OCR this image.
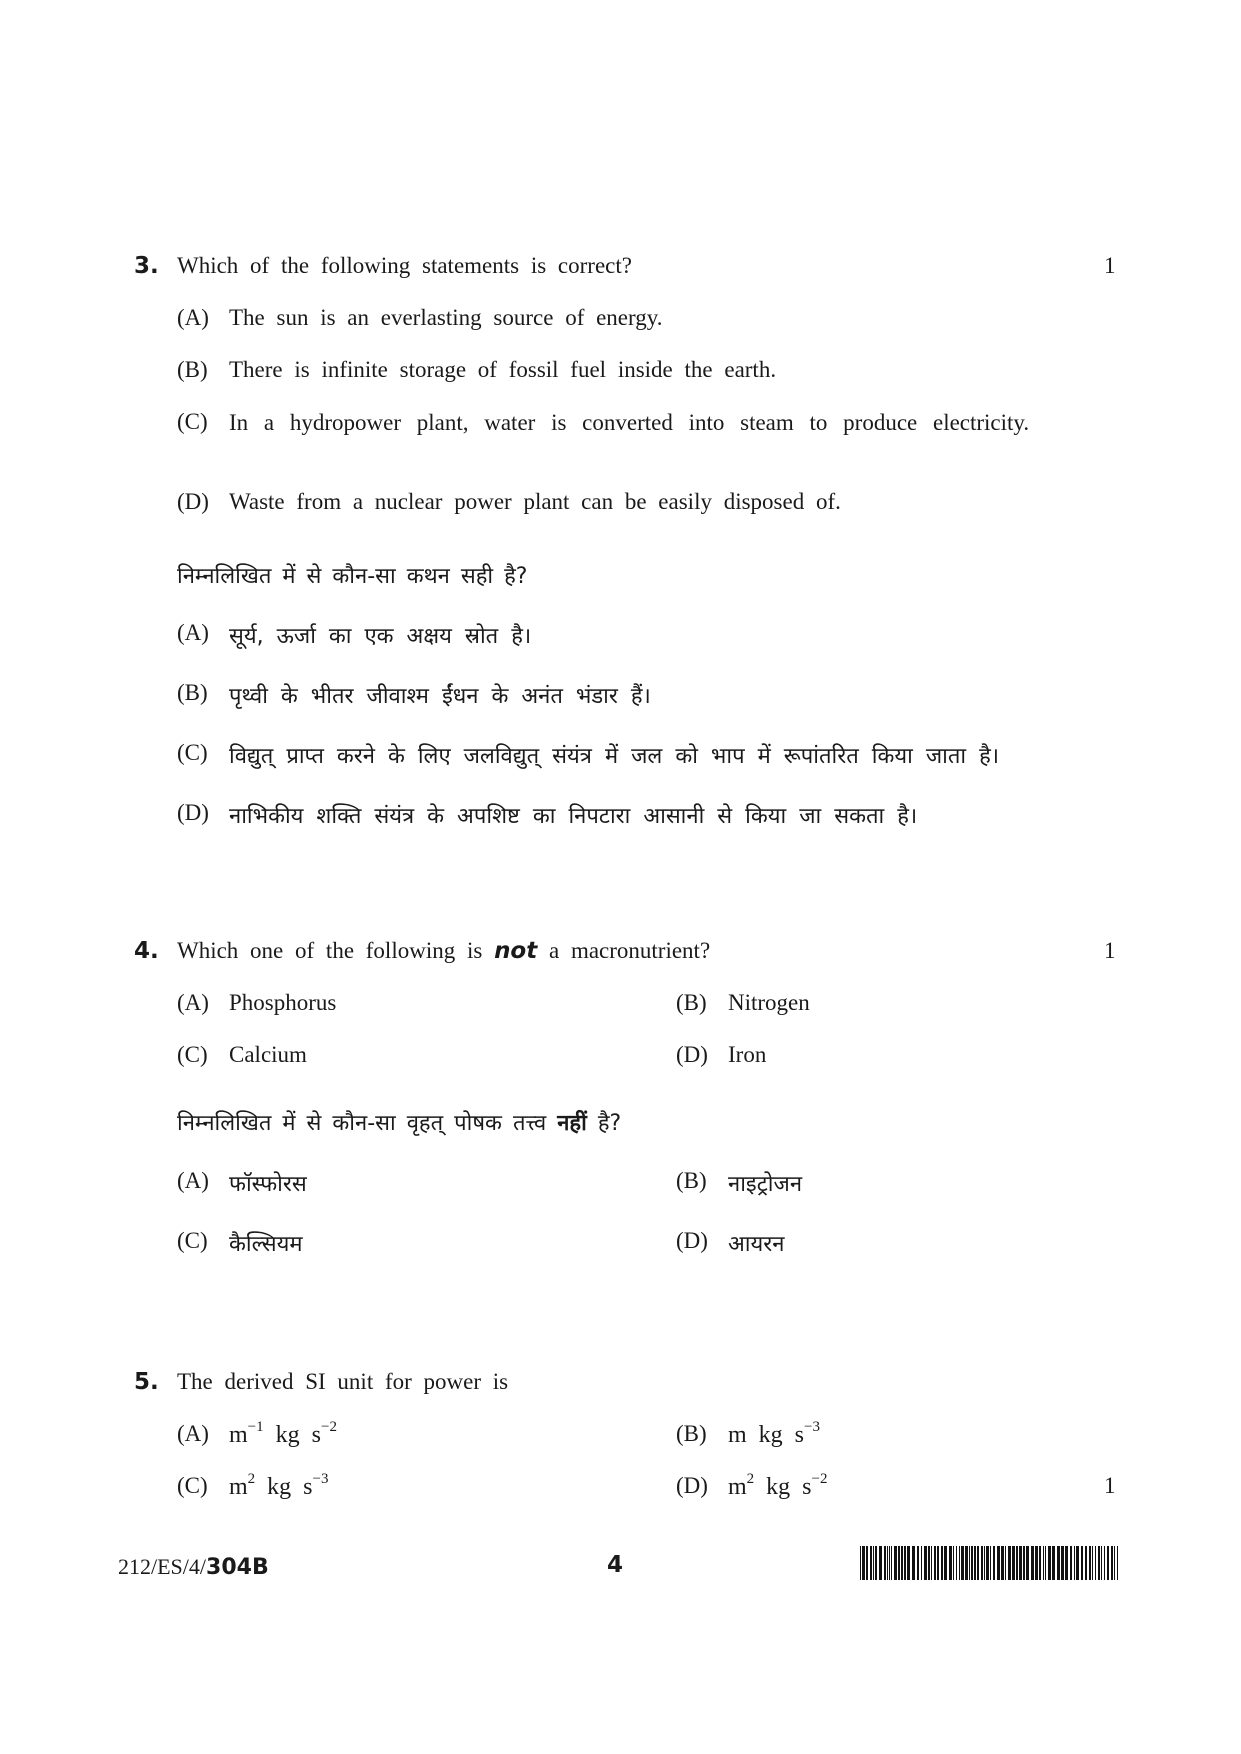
3. Which of the following statements is correct?	1
(A) The sun is an everlasting source of energy.
(B) There is infinite storage of fossil fuel inside the earth.
(C) In a hydropower plant, water is converted into steam to produce electricity.
(D) Waste from a nuclear power plant can be easily disposed of.
निम्नलिखित में से कौन-सा कथन सही है?
(A) सूर्य, ऊर्जा का एक अक्षय स्रोत है।
(B) पृथ्वी के भीतर जीवाश्म ईंधन के अनंत भंडार हैं।
(C) विद्युत् प्राप्त करने के लिए जलविद्युत् संयंत्र में जल को भाप में रूपांतरित किया जाता है।
(D) नाभिकीय शक्ति संयंत्र के अपशिष्ट का निपटारा आसानी से किया जा सकता है।
4. Which one of the following is not a macronutrient?	1
(A) Phosphorus	(B) Nitrogen
(C) Calcium	(D) Iron
निम्नलिखित में से कौन-सा वृहत् पोषक तत्त्व नहीं है?
(A) फॉस्फोरस	(B) नाइट्रोजन
(C) कैल्सियम	(D) आयरन
5. The derived SI unit for power is
(A) $m^{-1}$ kg $s^{-2}$	(B) m kg $s^{-3}$
(C) $m^2$ kg $s^{-3}$	(D) $m^2$ kg $s^{-2}$	1
212/ES/4/304B	4
